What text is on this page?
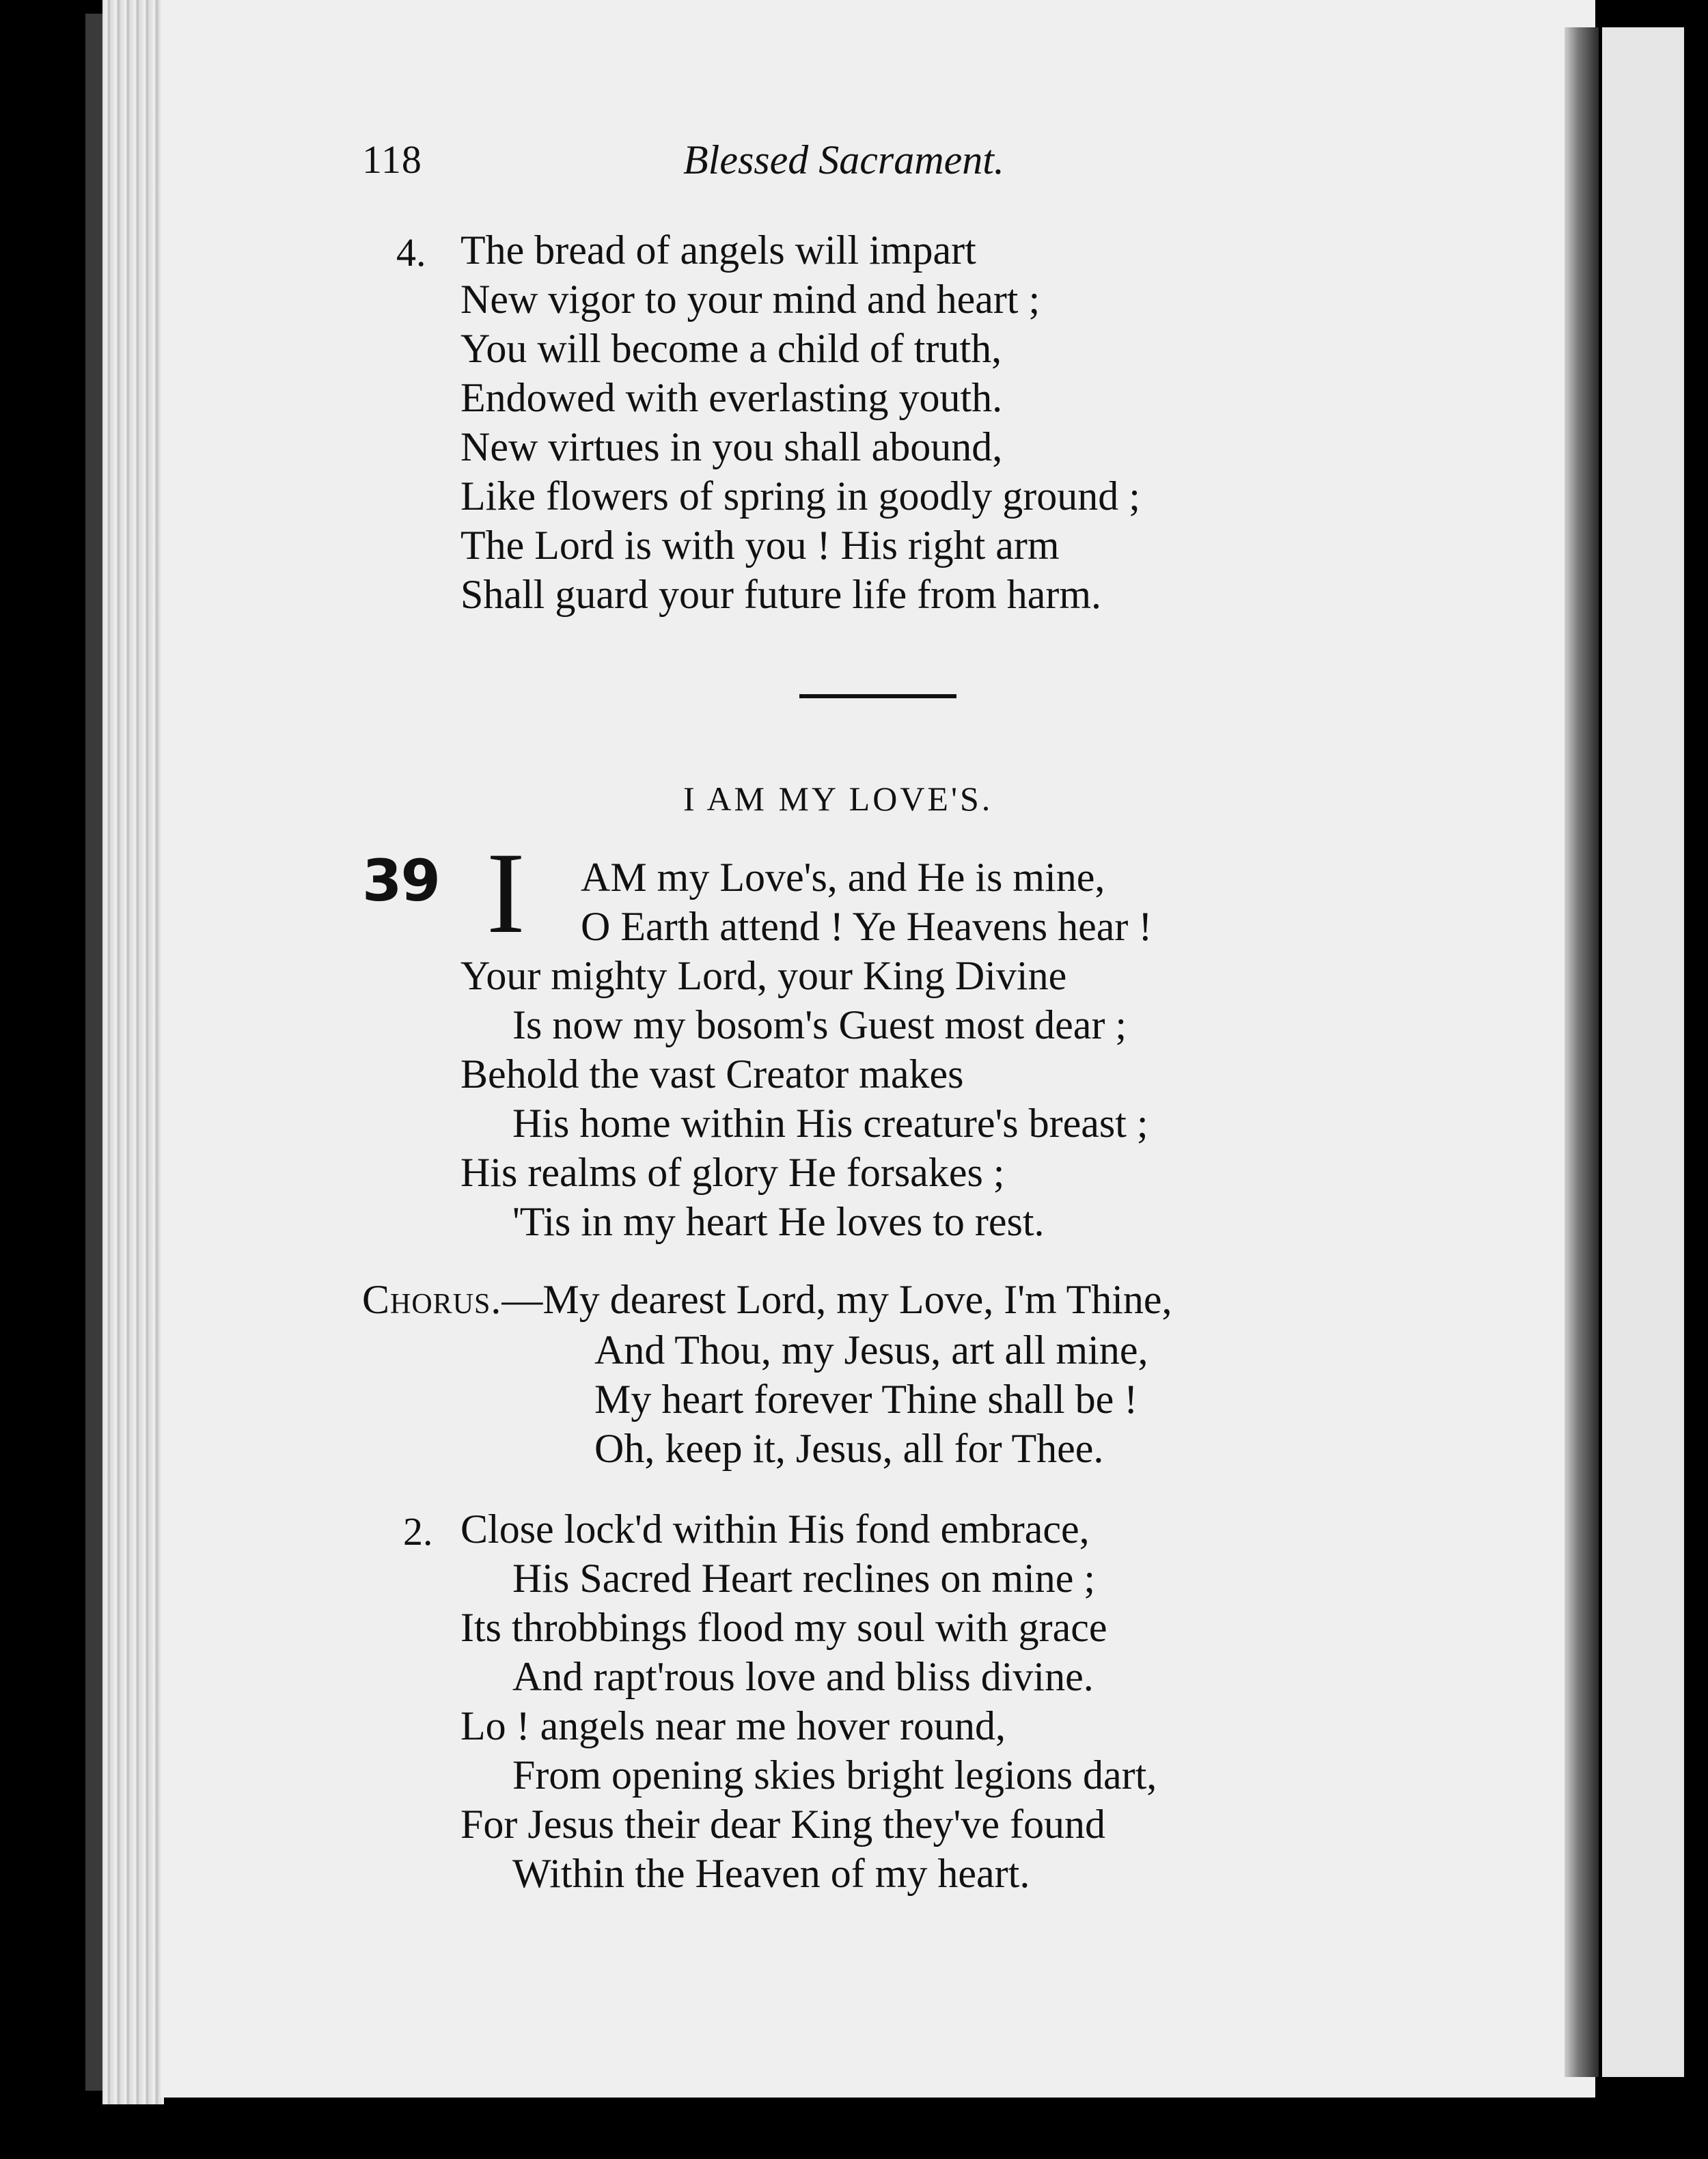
118	Blessed Sacrament.
4. The bread of angels will impart
New vigor to your mind and heart ;
You will become a child of truth,
Endowed with everlasting youth.
New virtues in you shall abound,
Like flowers of spring in goodly ground ;
The Lord is with you ! His right arm
Shall guard your future life from harm.
I AM MY LOVE'S.
39 I AM my Love's, and He is mine,
O Earth attend ! Ye Heavens hear !
Your mighty Lord, your King Divine
Is now my bosom's Guest most dear ;
Behold the vast Creator makes
His home within His creature's breast ;
His realms of glory He forsakes ;
'Tis in my heart He loves to rest.
Chorus.—My dearest Lord, my Love, I'm Thine,
And Thou, my Jesus, art all mine,
My heart forever Thine shall be !
Oh, keep it, Jesus, all for Thee.
2. Close lock'd within His fond embrace,
His Sacred Heart reclines on mine ;
Its throbbings flood my soul with grace
And rapt'rous love and bliss divine.
Lo ! angels near me hover round,
From opening skies bright legions dart,
For Jesus their dear King they've found
Within the Heaven of my heart.
